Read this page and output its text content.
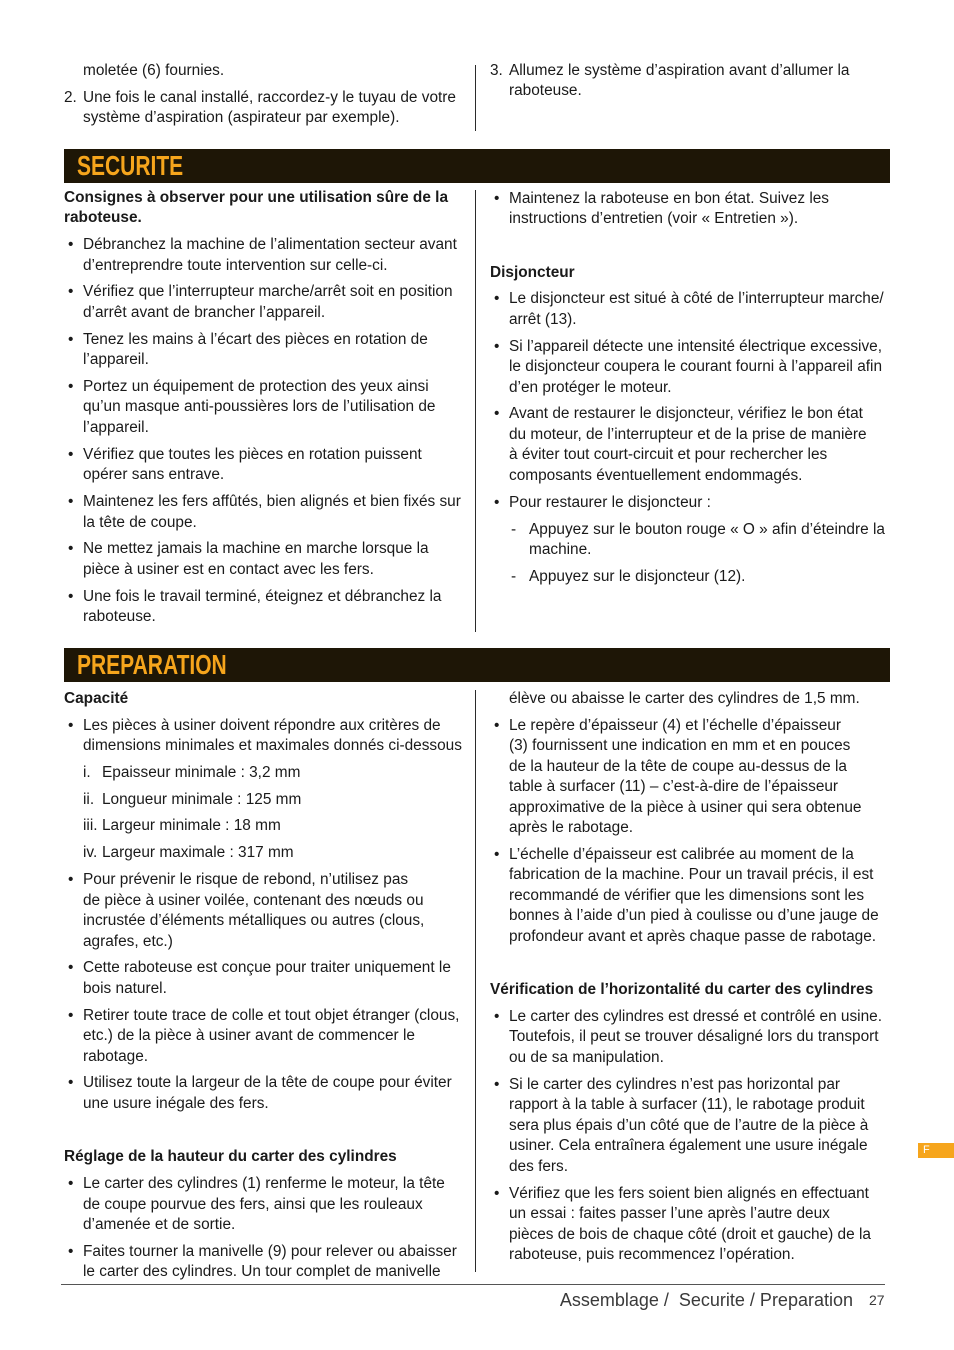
moletée (6) fournies.
2. Une fois le canal installé, raccordez-y le tuyau de votre
système d’aspiration (aspirateur par exemple).
3. Allumez le système d’aspiration avant d’allumer la
raboteuse.
SECURITE
Consignes à observer pour une utilisation sûre de la
raboteuse.
• Débranchez la machine de l’alimentation secteur avant
d’entreprendre toute intervention sur celle-ci.
• Vérifiez que l’interrupteur marche/arrêt soit en position
d’arrêt avant de brancher l’appareil.
• Tenez les mains à l’écart des pièces en rotation de
l’appareil.
• Portez un équipement de protection des yeux ainsi
qu’un masque anti-poussières lors de l’utilisation de
l’appareil.
• Vérifiez que toutes les pièces en rotation puissent
opérer sans entrave.
• Maintenez les fers affûtés, bien alignés et bien fixés sur
la tête de coupe.
• Ne mettez jamais la machine en marche lorsque la
pièce à usiner est en contact avec les fers.
• Une fois le travail terminé, éteignez et débranchez la
raboteuse.
• Maintenez la raboteuse en bon état. Suivez les
instructions d’entretien (voir « Entretien »).
Disjoncteur
• Le disjoncteur est situé à côté de l’interrupteur marche/
arrêt (13).
• Si l’appareil détecte une intensité électrique excessive,
le disjoncteur coupera le courant fourni à l’appareil afin
d’en protéger le moteur.
• Avant de restaurer le disjoncteur, vérifiez le bon état
du moteur, de l’interrupteur et de la prise de manière
à éviter tout court-circuit et pour rechercher les
composants éventuellement endommagés.
• Pour restaurer le disjoncteur :
- Appuyez sur le bouton rouge « O » afin d’éteindre la
machine.
- Appuyez sur le disjoncteur (12).
PREPARATION
Capacité
• Les pièces à usiner doivent répondre aux critères de
dimensions minimales et maximales donnés ci-dessous
i. Epaisseur minimale : 3,2 mm
ii. Longueur minimale : 125 mm
iii. Largeur minimale : 18 mm
iv. Largeur maximale : 317 mm
• Pour prévenir le risque de rebond, n’utilisez pas
de pièce à usiner voilée, contenant des nœuds ou
incrustée d’éléments métalliques ou autres (clous,
agrafes, etc.)
• Cette raboteuse est conçue pour traiter uniquement le
bois naturel.
• Retirer toute trace de colle et tout objet étranger (clous,
etc.) de la pièce à usiner avant de commencer le
rabotage.
• Utilisez toute la largeur de la tête de coupe pour éviter
une usure inégale des fers.
Réglage de la hauteur du carter des cylindres
• Le carter des cylindres (1) renferme le moteur, la tête
de coupe pourvue des fers, ainsi que les rouleaux
d’amenée et de sortie.
• Faites tourner la manivelle (9) pour relever ou abaisser
le carter des cylindres. Un tour complet de manivelle
élève ou abaisse le carter des cylindres de 1,5 mm.
• Le repère d’épaisseur (4) et l’échelle d’épaisseur
(3) fournissent une indication en mm et en pouces
de la hauteur de la tête de coupe au-dessus de la
table à surfacer (11) – c’est-à-dire de l’épaisseur
approximative de la pièce à usiner qui sera obtenue
après le rabotage.
• L’échelle d’épaisseur est calibrée au moment de la
fabrication de la machine. Pour un travail précis, il est
recommandé de vérifier que les dimensions sont les
bonnes à l’aide d’un pied à coulisse ou d’une jauge de
profondeur avant et après chaque passe de rabotage.
Vérification de l’horizontalité du carter des cylindres
• Le carter des cylindres est dressé et contrôlé en usine.
Toutefois, il peut se trouver désaligné lors du transport
ou de sa manipulation.
• Si le carter des cylindres n’est pas horizontal par
rapport à la table à surfacer (11), le rabotage produit
sera plus épais d’un côté que de l’autre de la pièce à
usiner. Cela entraînera également une usure inégale
des fers.
• Vérifiez que les fers soient bien alignés en effectuant
un essai : faites passer l’une après l’autre deux
pièces de bois de chaque côté (droit et gauche) de la
raboteuse, puis recommencez l’opération.
F
Assemblage /  Securite / Preparation 27
